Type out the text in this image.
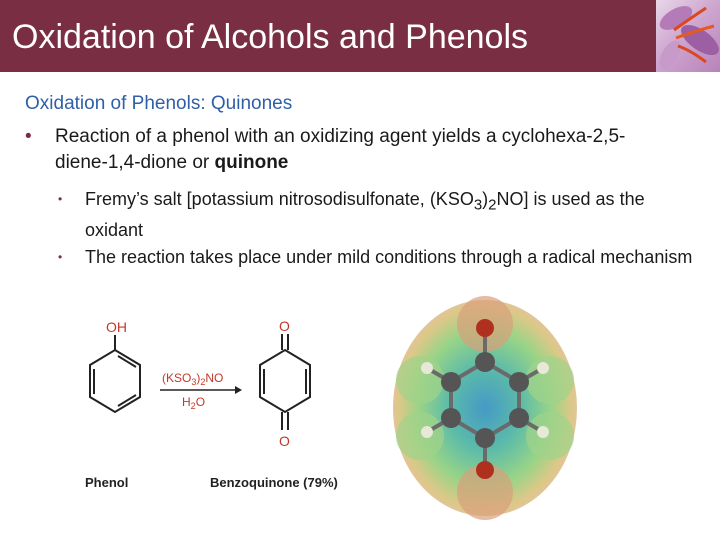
Oxidation of Alcohols and Phenols
Oxidation of Phenols: Quinones
• Reaction of a phenol with an oxidizing agent yields a cyclohexa-2,5-diene-1,4-dione or quinone
• Fremy’s salt [potassium nitrosodisulfonate, $(KSO_3)_2NO$] is used as the oxidant
• The reaction takes place under mild conditions through a radical mechanism
OH
$(KSO_3)_2NO$
$H_2O$
O
O
Phenol	Benzoquinone (79%)
